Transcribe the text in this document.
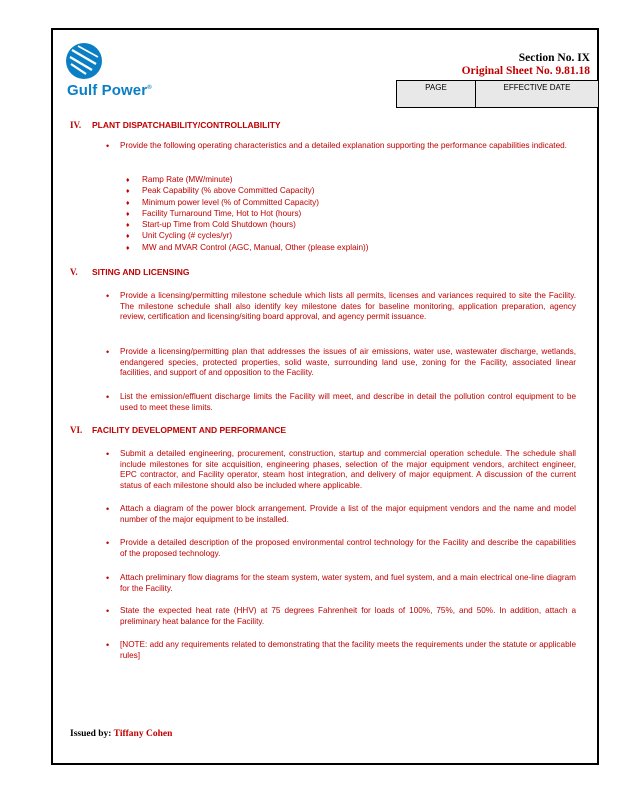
Gulf Power®
Section No. IX
Original Sheet No. 9.81.18
PAGE	EFFECTIVE DATE
IV. PLANT DISPATCHABILITY/CONTROLLABILITY
• Provide the following operating characteristics and a detailed explanation supporting the performance capabilities indicated.
♦ Ramp Rate (MW/minute)
♦ Peak Capability (% above Committed Capacity)
♦ Minimum power level (% of Committed Capacity)
♦ Facility Turnaround Time, Hot to Hot (hours)
♦ Start-up Time from Cold Shutdown (hours)
♦ Unit Cycling (# cycles/yr)
♦ MW and MVAR Control (AGC, Manual, Other (please explain))
V. SITING AND LICENSING
• Provide a licensing/permitting milestone schedule which lists all permits, licenses and variances required to site the Facility. The milestone schedule shall also identify key milestone dates for baseline monitoring, application preparation, agency review, certification and licensing/siting board approval, and agency permit issuance.
• Provide a licensing/permitting plan that addresses the issues of air emissions, water use, wastewater discharge, wetlands, endangered species, protected properties, solid waste, surrounding land use, zoning for the Facility, associated linear facilities, and support of and opposition to the Facility.
• List the emission/effluent discharge limits the Facility will meet, and describe in detail the pollution control equipment to be used to meet these limits.
VI. FACILITY DEVELOPMENT AND PERFORMANCE
• Submit a detailed engineering, procurement, construction, startup and commercial operation schedule. The schedule shall include milestones for site acquisition, engineering phases, selection of the major equipment vendors, architect engineer, EPC contractor, and Facility operator, steam host integration, and delivery of major equipment. A discussion of the current status of each milestone should also be included where applicable.
• Attach a diagram of the power block arrangement. Provide a list of the major equipment vendors and the name and model number of the major equipment to be installed.
• Provide a detailed description of the proposed environmental control technology for the Facility and describe the capabilities of the proposed technology.
• Attach preliminary flow diagrams for the steam system, water system, and fuel system, and a main electrical one-line diagram for the Facility.
• State the expected heat rate (HHV) at 75 degrees Fahrenheit for loads of 100%, 75%, and 50%. In addition, attach a preliminary heat balance for the Facility.
• [NOTE: add any requirements related to demonstrating that the facility meets the requirements under the statute or applicable rules]
Issued by: Tiffany Cohen
